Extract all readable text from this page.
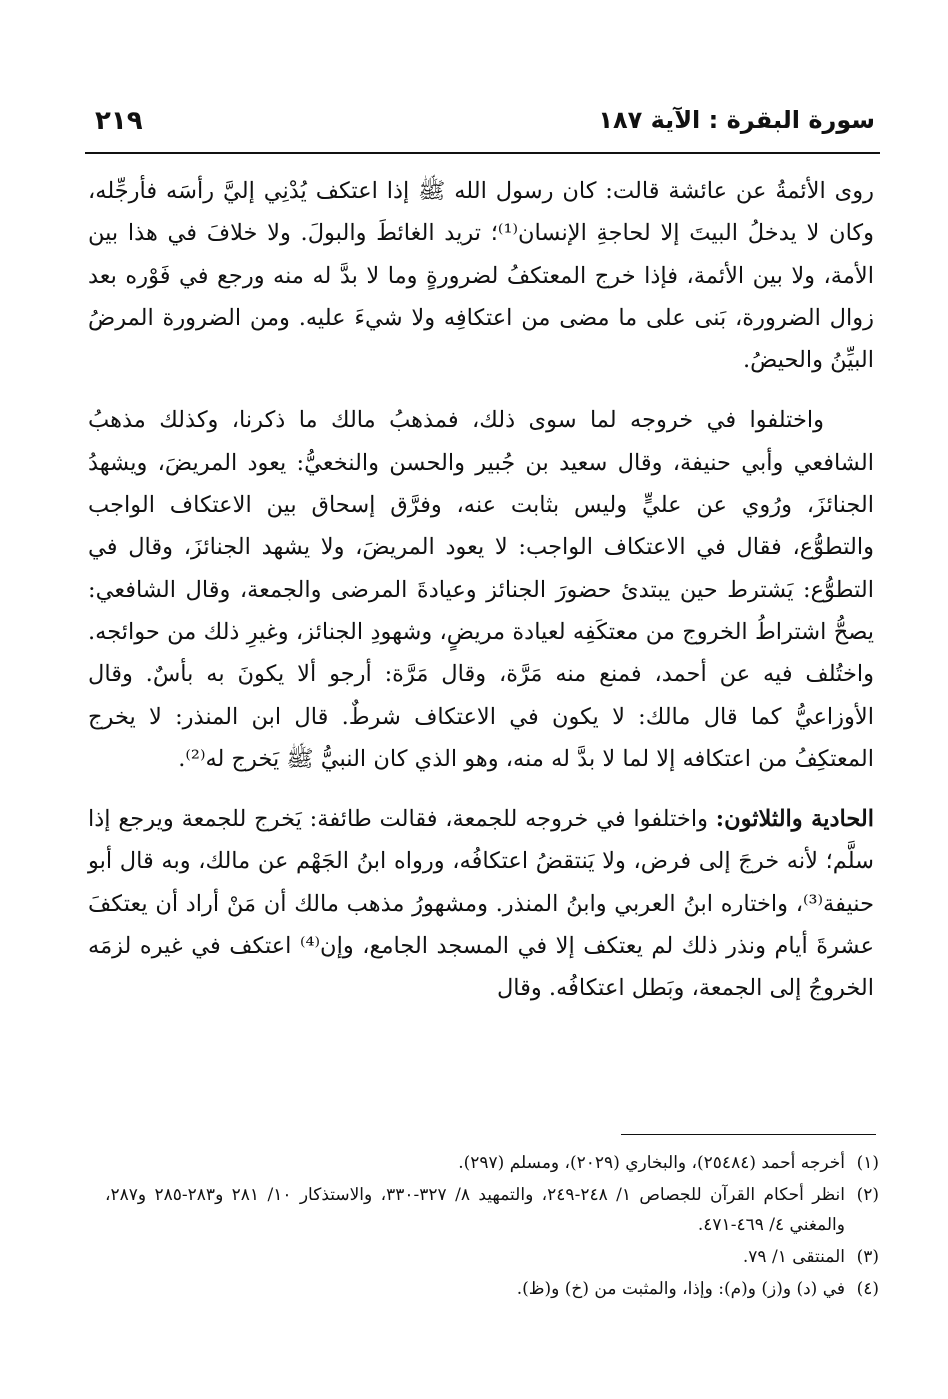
سورة البقرة : الآية ١٨٧
٢١٩

روى الأئمةُ عن عائشة قالت: كان رسول الله ﷺ إذا اعتكف يُدْنِي إليَّ رأسَه فأرجِّله، وكان لا يدخلُ البيتَ إلا لحاجةِ الإنسان⁽¹⁾؛ تريد الغائطَ والبولَ. ولا خلافَ في هذا بين الأمة، ولا بين الأئمة، فإذا خرج المعتكفُ لضرورةٍ وما لا بدَّ له منه ورجع في فَوْره بعد زوال الضرورة، بَنى على ما مضى من اعتكافِه ولا شيءَ عليه. ومن الضرورة المرضُ البيِّنُ والحيضُ.

واختلفوا في خروجه لما سوى ذلك، فمذهبُ مالك ما ذكرنا، وكذلك مذهبُ الشافعي وأبي حنيفة، وقال سعيد بن جُبير والحسن والنخعيُّ: يعود المريضَ، ويشهدُ الجنائزَ، ورُوي عن عليٍّ وليس بثابت عنه، وفرَّق إسحاق بين الاعتكاف الواجب والتطوُّع، فقال في الاعتكاف الواجب: لا يعود المريضَ، ولا يشهد الجنائزَ، وقال في التطوُّع: يَشترط حين يبتدئ حضورَ الجنائز وعيادةَ المرضى والجمعة، وقال الشافعي: يصحُّ اشتراطُ الخروج من معتكَفِه لعيادة مريضٍ، وشهودِ الجنائز، وغيرِ ذلك من حوائجه. واختُلف فيه عن أحمد، فمنع منه مَرَّة، وقال مَرَّة: أرجو ألا يكونَ به بأسٌ. وقال الأوزاعيُّ كما قال مالك: لا يكون في الاعتكاف شرطٌ. قال ابن المنذر: لا يخرج المعتكِفُ من اعتكافه إلا لما لا بدَّ له منه، وهو الذي كان النبيُّ ﷺ يَخرج له⁽²⁾.

الحادية والثلاثون: واختلفوا في خروجه للجمعة، فقالت طائفة: يَخرج للجمعة ويرجع إذا سلَّم؛ لأنه خرجَ إلى فرض، ولا يَنتقضُ اعتكافُه، ورواه ابنُ الجَهْم عن مالك، وبه قال أبو حنيفة⁽³⁾، واختاره ابنُ العربي وابنُ المنذر. ومشهورُ مذهب مالك أن مَنْ أراد أن يعتكفَ عشرةَ أيام ونذر ذلك لم يعتكف إلا في المسجد الجامع، وإن⁽⁴⁾ اعتكف في غيره لزمَه الخروجُ إلى الجمعة، وبَطل اعتكافُه. وقال

(١)
أخرجه أحمد (٢٥٤٨٤)، والبخاري (٢٠٢٩)، ومسلم (٢٩٧).
(٢)
انظر أحكام القرآن للجصاص ١/ ٢٤٨-٢٤٩، والتمهيد ٨/ ٣٢٧-٣٣٠، والاستذكار ١٠/ ٢٨١ و٢٨٣-٢٨٥ و٢٨٧، والمغني ٤/ ٤٦٩-٤٧١.
(٣)
المنتقى ١/ ٧٩.
(٤)
في (د) و(ز) و(م): وإذا، والمثبت من (خ) و(ظ).
